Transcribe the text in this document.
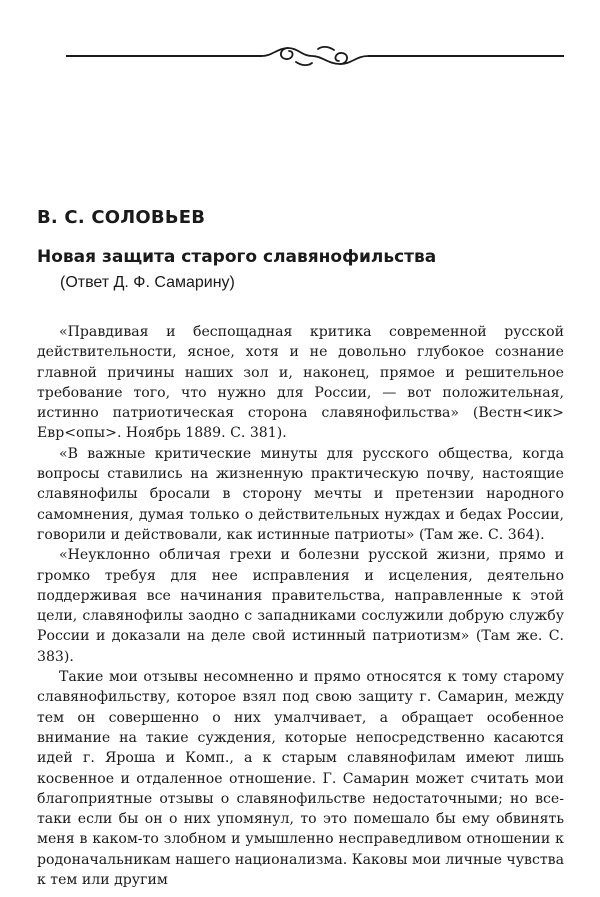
В. С. СОЛОВЬЕВ
Новая защита старого славянофильства
(Ответ Д. Ф. Самарину)

«Правдивая и беспощадная критика современной русской действительности, ясное, хотя и не довольно глубокое сознание главной причины наших зол и, наконец, прямое и решительное требование того, что нужно для России, — вот положительная, истинно патриотическая сторона славянофильства» (Вестн<ик> Евр<опы>. Ноябрь 1889. С. 381).

«В важные критические минуты для русского общества, когда вопросы ставились на жизненную практическую почву, настоящие славянофилы бросали в сторону мечты и претензии народного самомнения, думая только о действительных нуждах и бедах России, говорили и действовали, как истинные патриоты» (Там же. С. 364).

«Неуклонно обличая грехи и болезни русской жизни, прямо и громко требуя для нее исправления и исцеления, деятельно поддерживая все начинания правительства, направленные к этой цели, славянофилы заодно с западниками сослужили добрую службу России и доказали на деле свой истинный патриотизм» (Там же. С. 383).

Такие мои отзывы несомненно и прямо относятся к тому старому славянофильству, которое взял под свою защиту г. Самарин, между тем он совершенно о них умалчивает, а обращает особенное внимание на такие суждения, которые непосредственно касаются идей г. Яроша и Комп., а к старым славянофилам имеют лишь косвенное и отдаленное отношение. Г. Самарин может считать мои благоприятные отзывы о славянофильстве недостаточными; но все-таки если бы он о них упомянул, то это помешало бы ему обвинять меня в каком-то злобном и умышленно несправедливом отношении к родоначальникам нашего национализма. Каковы мои личные чувства к тем или другим
